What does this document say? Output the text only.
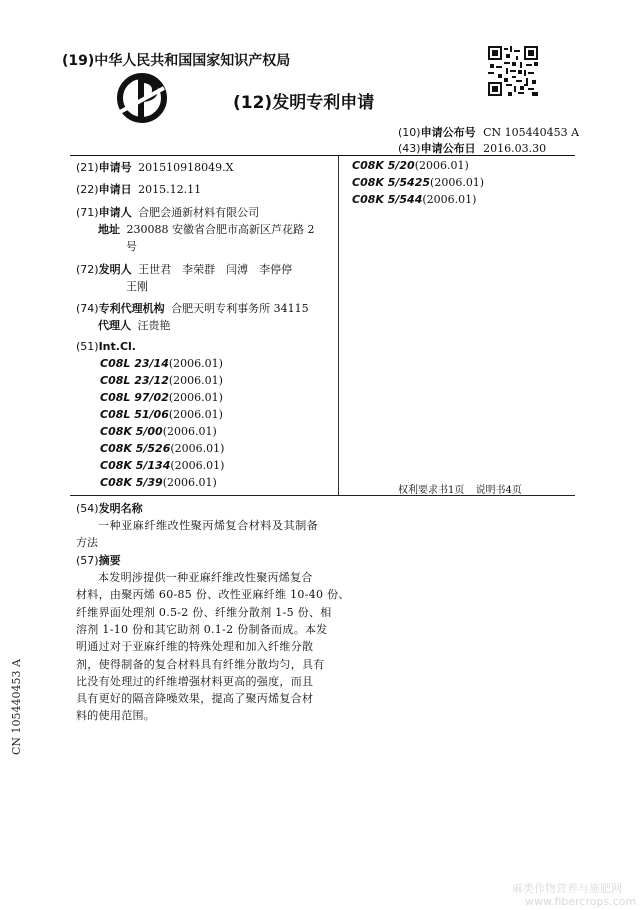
(19)中华人民共和国国家知识产权局
(12)发明专利申请
(10)申请公布号 CN 105440453 A
(43)申请公布日 2016.03.30
(21)申请号 201510918049.X
(22)申请日 2015.12.11
(71)申请人 合肥会通新材料有限公司
地址 230088 安徽省合肥市高新区芦花路 2
号
(72)发明人 王世君　李荣群　闫溥　李停停
王刚
(74)专利代理机构 合肥天明专利事务所 34115
代理人 汪贵艳
(51)Int.Cl.
C08L 23/14(2006.01)
C08L 23/12(2006.01)
C08L 97/02(2006.01)
C08L 51/06(2006.01)
C08K 5/00(2006.01)
C08K 5/526(2006.01)
C08K 5/134(2006.01)
C08K 5/39(2006.01)
C08K 5/20(2006.01)
C08K 5/5425(2006.01)
C08K 5/544(2006.01)
权利要求书1页 说明书4页
(54)发明名称
一种亚麻纤维改性聚丙烯复合材料及其制备
方法
(57)摘要
本发明涉提供一种亚麻纤维改性聚丙烯复合
材料，由聚丙烯 60-85 份、改性亚麻纤维 10-40 份、
纤维界面处理剂 0.5-2 份、纤维分散剂 1-5 份、相
溶剂 1-10 份和其它助剂 0.1-2 份制备而成。本发
明通过对于亚麻纤维的特殊处理和加入纤维分散
剂，使得制备的复合材料具有纤维分散均匀，具有
比没有处理过的纤维增强材料更高的强度，而且
具有更好的隔音降噪效果，提高了聚丙烯复合材
料的使用范围。
CN 105440453 A
麻类作物营养与施肥网
www.fibercrops.com
